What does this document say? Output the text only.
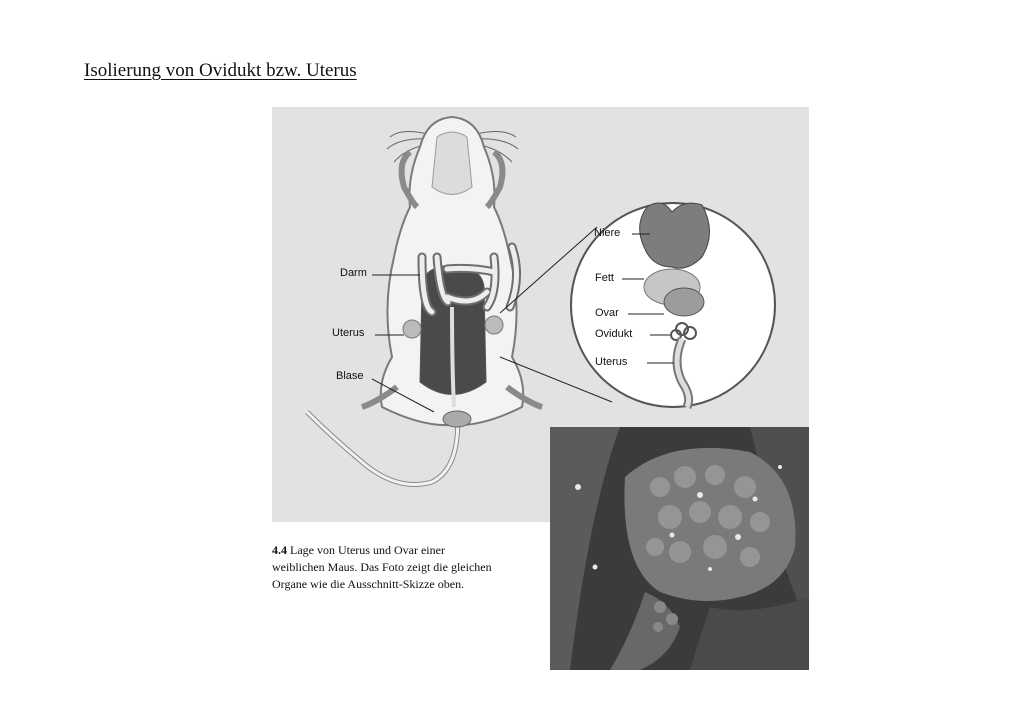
Isolierung von Ovidukt bzw. Uterus
Darm
Uterus
Blase
Niere
Fett
Ovar
Ovidukt
Uterus
4.4 Lage von Uterus und Ovar einer
weiblichen Maus. Das Foto zeigt die gleichen
Organe wie die Ausschnitt-Skizze oben.
